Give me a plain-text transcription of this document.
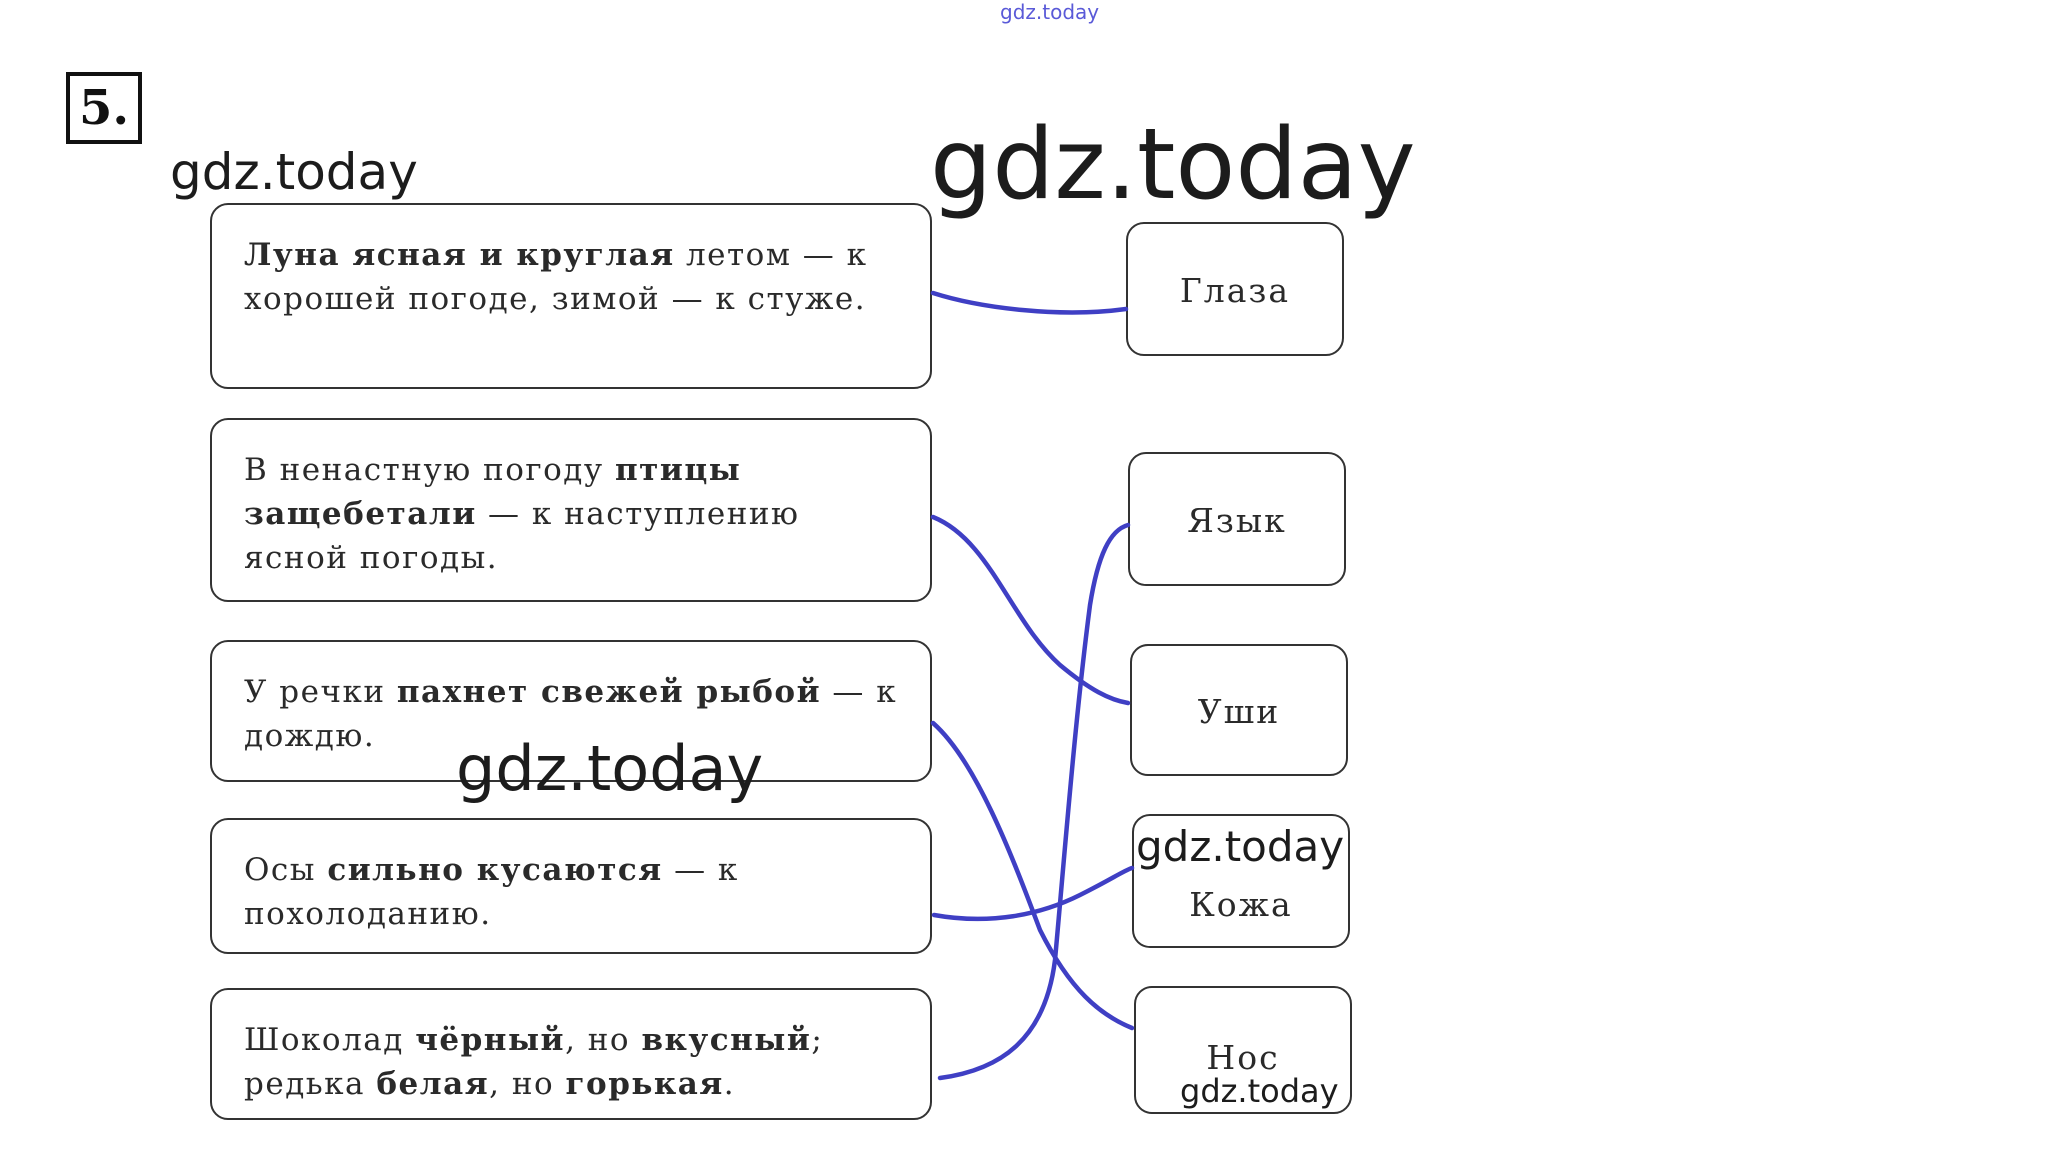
5.
gdz.today
gdz.today	gdz.today
Луна ясная и круглая летом — к хорошей погоде, зимой — к стуже.
В ненастную погоду птицы защебетали — к наступлению ясной погоды.
У речки пахнет свежей рыбой — к дождю.
Осы сильно кусаются — к похолоданию.
Шоколад чёрный, но вкусный; редька белая, но горькая.
Глаза
Язык
Уши
Кожа
Нос
gdz.today
gdz.today
gdz.today
